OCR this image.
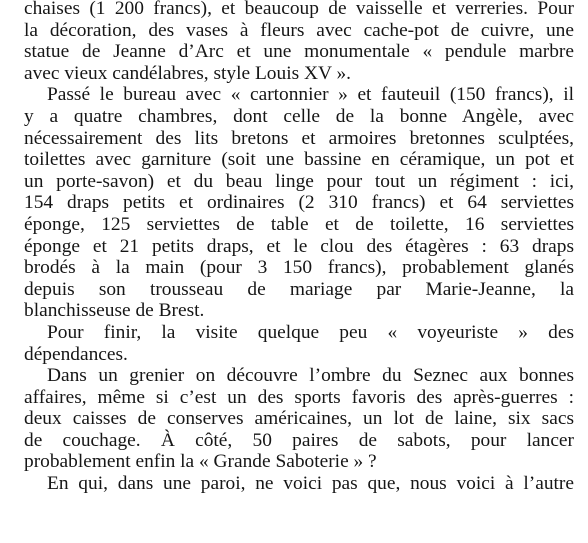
chaises (1 200 francs), et beaucoup de vaisselle et verreries. Pour
la décoration, des vases à fleurs avec cache-pot de cuivre, une
statue de Jeanne d’Arc et une monumentale « pendule marbre
avec vieux candélabres, style Louis XV ».
Passé le bureau avec « cartonnier » et fauteuil (150 francs), il
y a quatre chambres, dont celle de la bonne Angèle, avec
nécessairement des lits bretons et armoires bretonnes sculptées,
toilettes avec garniture (soit une bassine en céramique, un pot et
un porte-savon) et du beau linge pour tout un régiment : ici,
154 draps petits et ordinaires (2 310 francs) et 64 serviettes
éponge, 125 serviettes de table et de toilette, 16 serviettes
éponge et 21 petits draps, et le clou des étagères : 63 draps
brodés à la main (pour 3 150 francs), probablement glanés
depuis son trousseau de mariage par Marie-Jeanne, la
blanchisseuse de Brest.
Pour finir, la visite quelque peu « voyeuriste » des
dépendances.
Dans un grenier on découvre l’ombre du Seznec aux bonnes
affaires, même si c’est un des sports favoris des après-guerres :
deux caisses de conserves américaines, un lot de laine, six sacs
de couchage. À côté, 50 paires de sabots, pour lancer
probablement enfin la « Grande Saboterie » ?
En qui, dans une paroi, ne voici pas que, nous voici à l’autre
